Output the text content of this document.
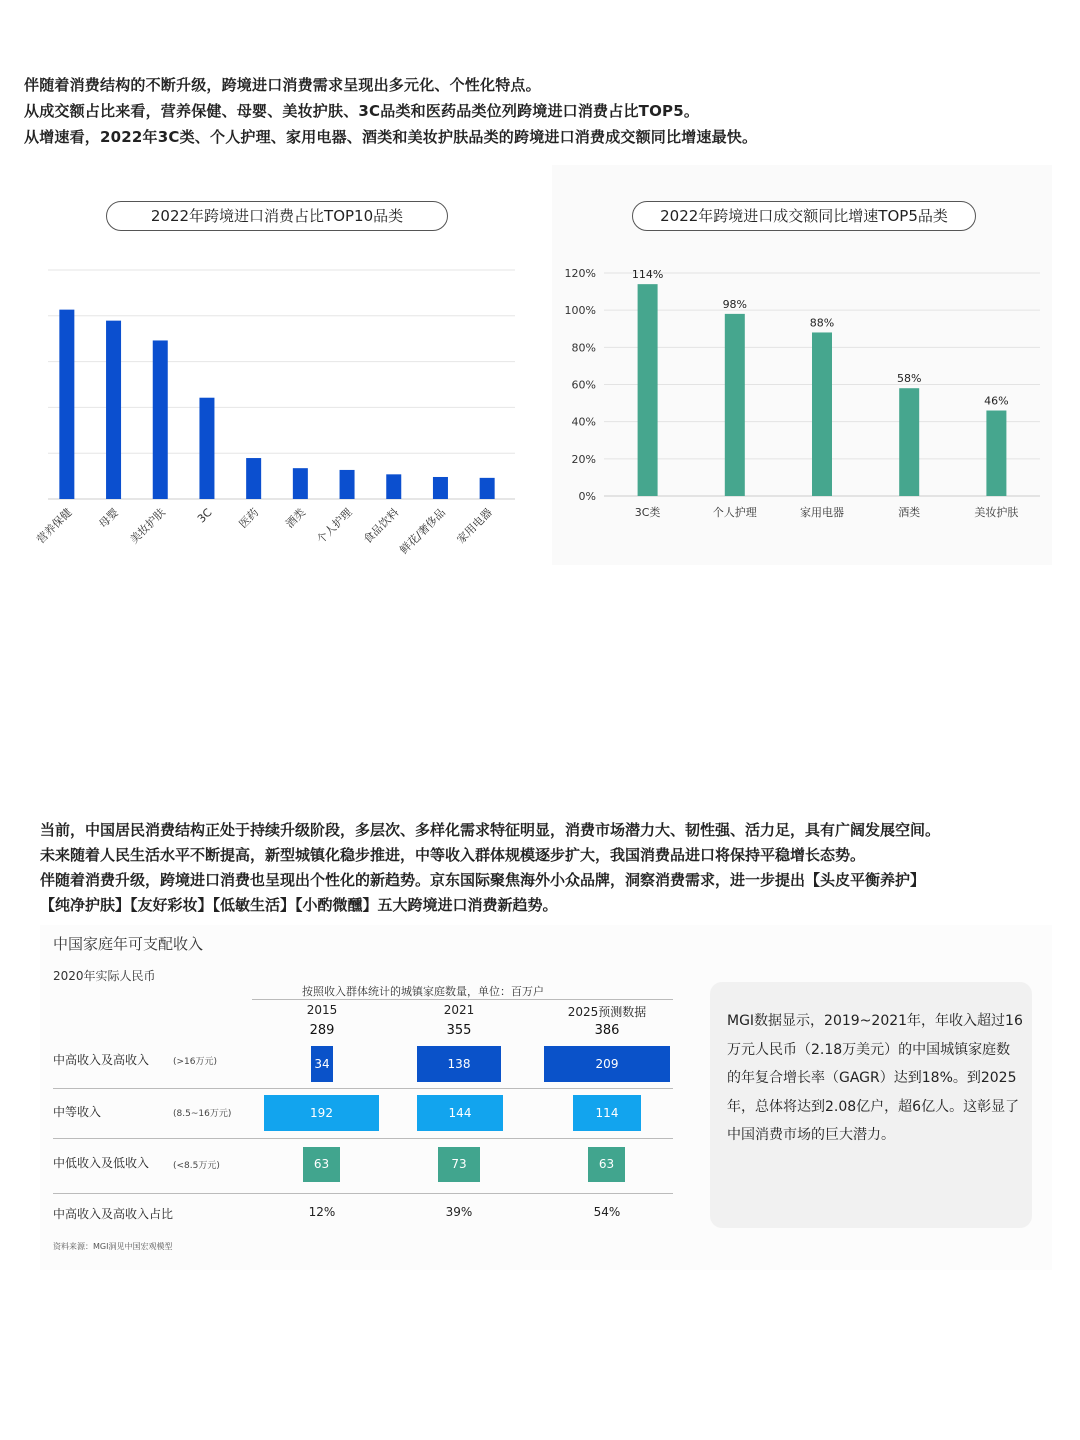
伴随着消费结构的不断升级，跨境进口消费需求呈现出多元化、个性化特点。

从成交额占比来看，营养保健、母婴、美妆护肤、3C品类和医药品类位列跨境进口消费占比TOP5。

从增速看，2022年3C类、个人护理、家用电器、酒类和美妆护肤品类的跨境进口消费成交额同比增速最快。

2022年跨境进口消费占比TOP10品类
营养保健 母婴 美妆护肤 3C 医药 酒类 个人护理 食品饮料
鲜花/奢侈品 家用电器
2022年跨境进口成交额同比增速TOP5品类
0%
20%
40%
60%
80%
100%
120%	114%
3C类
98%
个人护理
88%
家用电器
58%
酒类
46%
美妆护肤

当前，中国居民消费结构正处于持续升级阶段，多层次、多样化需求特征明显，消费市场潜力大、韧性强、活力足，具有广阔发展空间。

未来随着人民生活水平不断提高，新型城镇化稳步推进，中等收入群体规模逐步扩大，我国消费品进口将保持平稳增长态势。

伴随着消费升级，跨境进口消费也呈现出个性化的新趋势。京东国际聚焦海外小众品牌，洞察消费需求，进一步提出【头皮平衡养护】

【纯净护肤】【友好彩妆】【低敏生活】【小酌微醺】五大跨境进口消费新趋势。

中国家庭年可支配收入
2020年实际人民币
按照收入群体统计的城镇家庭数量，单位：百万户
2015	2021	2025预测数据
289	355	386
中高收入及高收入	(>16万元)	34	138	209
中等收入	(8.5~16万元)	192	144	114
中低收入及低收入	(<8.5万元)	63	73	63
中高收入及高收入占比	12%	39%	54%
资料来源：MGI洞见中国宏观模型

MGI数据显示，2019~2021年，年收入超过16万元人民币（2.18万美元）的中国城镇家庭数的年复合增长率（GAGR）达到18%。到2025年，总体将达到2.08亿户，超6亿人。这彰显了中国消费市场的巨大潜力。
